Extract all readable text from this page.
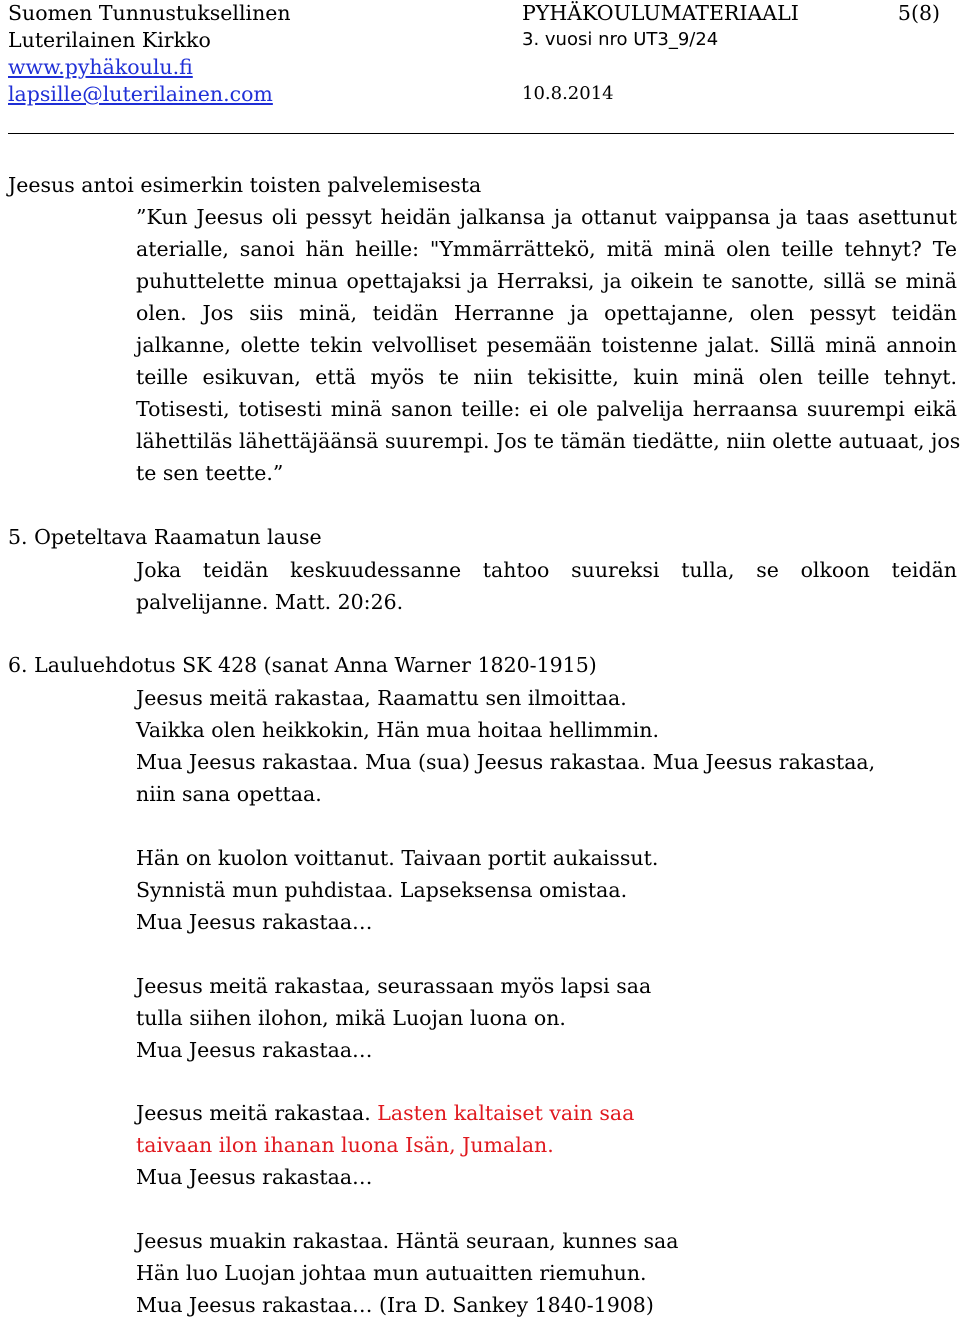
Suomen Tunnustuksellinen
Luterilainen Kirkko
www.pyhäkoulu.fi
lapsille@luterilainen.com
PYHÄKOULUMATERIAALI
3. vuosi nro UT3_9/24
10.8.2014
5(8)
Jeesus antoi esimerkin toisten palvelemisesta
”Kun Jeesus oli pessyt heidän jalkansa ja ottanut vaippansa ja taas asettunut
aterialle, sanoi hän heille: "Ymmärrättekö, mitä minä olen teille tehnyt? Te
puhuttelette minua opettajaksi ja Herraksi, ja oikein te sanotte, sillä se minä
olen. Jos siis minä, teidän Herranne ja opettajanne, olen pessyt teidän
jalkanne, olette tekin velvolliset pesemään toistenne jalat. Sillä minä annoin
teille esikuvan, että myös te niin tekisitte, kuin minä olen teille tehnyt.
Totisesti, totisesti minä sanon teille: ei ole palvelija herraansa suurempi eikä
lähettiläs lähettäjäänsä suurempi. Jos te tämän tiedätte, niin olette autuaat, jos
te sen teette.”
5. Opeteltava Raamatun lause
Joka teidän keskuudessanne tahtoo suureksi tulla, se olkoon teidän
palvelijanne. Matt. 20:26.
6. Lauluehdotus SK 428 (sanat Anna Warner 1820-1915)
Jeesus meitä rakastaa, Raamattu sen ilmoittaa.
Vaikka olen heikkokin, Hän mua hoitaa hellimmin.
Mua Jeesus rakastaa. Mua (sua) Jeesus rakastaa. Mua Jeesus rakastaa,
niin sana opettaa.
Hän on kuolon voittanut. Taivaan portit aukaissut.
Synnistä mun puhdistaa. Lapseksensa omistaa.
Mua Jeesus rakastaa…
Jeesus meitä rakastaa, seurassaan myös lapsi saa
tulla siihen ilohon, mikä Luojan luona on.
Mua Jeesus rakastaa…
Jeesus meitä rakastaa. Lasten kaltaiset vain saa
taivaan ilon ihanan luona Isän, Jumalan.
Mua Jeesus rakastaa…
Jeesus muakin rakastaa. Häntä seuraan, kunnes saa
Hän luo Luojan johtaa mun autuaitten riemuhun.
Mua Jeesus rakastaa… (Ira D. Sankey 1840-1908)
